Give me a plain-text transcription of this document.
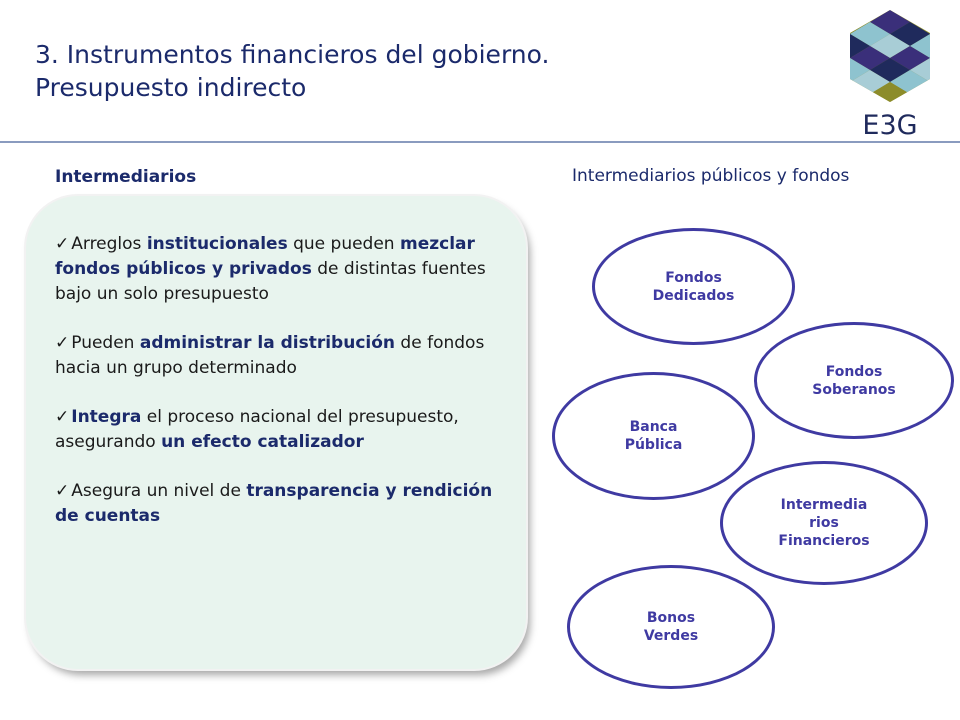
3. Instrumentos financieros del gobierno.
Presupuesto indirecto
E3G
Intermediarios
✓ Arreglos institucionales que pueden mezclar fondos públicos y privados de distintas fuentes bajo un solo presupuesto
✓ Pueden administrar la distribución de fondos hacia un grupo determinado
✓ Integra el proceso nacional del presupuesto, asegurando un efecto catalizador
✓ Asegura un nivel de transparencia y rendición de cuentas
Intermediarios públicos y fondos
Fondos
Dedicados
Fondos
Soberanos
Banca
Pública
Intermedia
rios
Financieros
Bonos
Verdes
